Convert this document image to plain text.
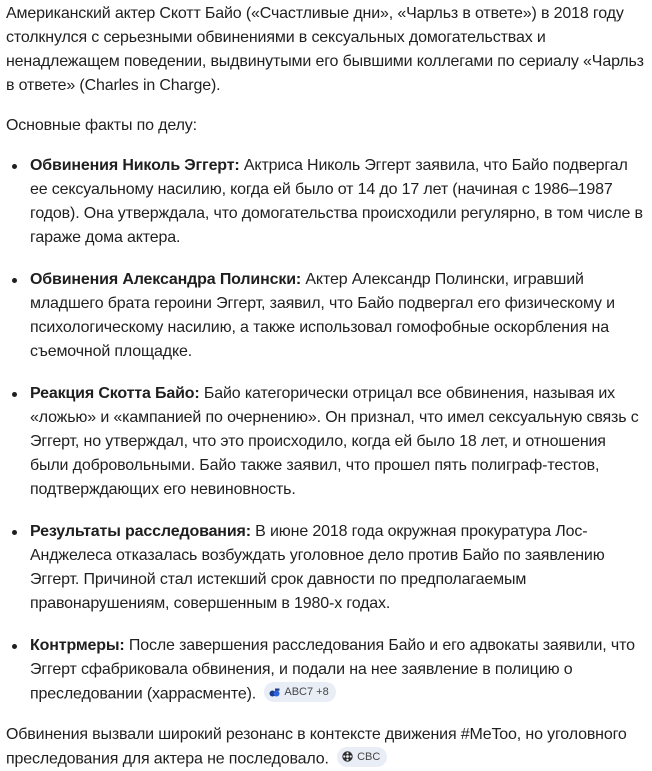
Американский актер Скотт Байо («Счастливые дни», «Чарльз в ответе») в 2018 году столкнулся с серьезными обвинениями в сексуальных домогательствах и ненадлежащем поведении, выдвинутыми его бывшими коллегами по сериалу «Чарльз в ответе» (Charles in Charge).

Основные факты по делу:

Обвинения Николь Эггерт: Актриса Николь Эггерт заявила, что Байо подвергал ее сексуальному насилию, когда ей было от 14 до 17 лет (начиная с 1986–1987 годов). Она утверждала, что домогательства происходили регулярно, в том числе в гараже дома актера.
Обвинения Александра Полински: Актер Александр Полински, игравший младшего брата героини Эггерт, заявил, что Байо подвергал его физическому и психологическому насилию, а также использовал гомофобные оскорбления на съемочной площадке.
Реакция Скотта Байо: Байо категорически отрицал все обвинения, называя их «ложью» и «кампанией по очернению». Он признал, что имел сексуальную связь с Эггерт, но утверждал, что это происходило, когда ей было 18 лет, и отношения были добровольными. Байо также заявил, что прошел пять полиграф-тестов, подтверждающих его невиновность.
Результаты расследования: В июне 2018 года окружная прокуратура Лос-Анджелеса отказалась возбуждать уголовное дело против Байо по заявлению Эггерт. Причиной стал истекший срок давности по предполагаемым правонарушениям, совершенным в 1980-х годах.
Контрмеры: После завершения расследования Байо и его адвокаты заявили, что Эггерт сфабриковала обвинения, и подали на нее заявление в полицию о преследовании (харрасменте).	ABC7 +8

Обвинения вызвали широкий резонанс в контексте движения #MeToo, но уголовного преследования для актера не последовало.	CBC
